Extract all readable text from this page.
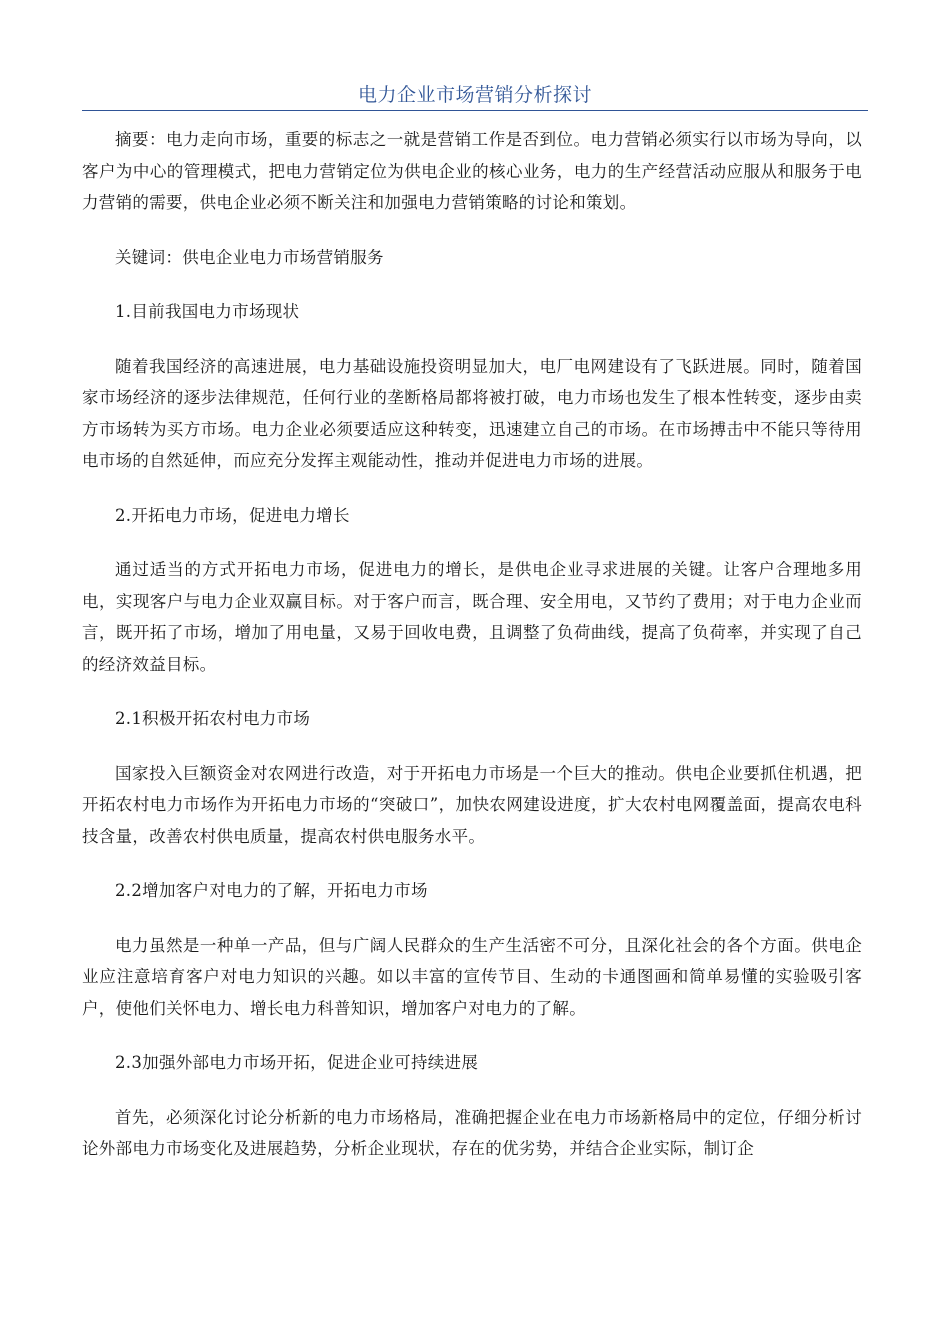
电力企业市场营销分析探讨

摘要：电力走向市场，重要的标志之一就是营销工作是否到位。电力营销必须实行以市场为导向，以客户为中心的管理模式，把电力营销定位为供电企业的核心业务，电力的生产经营活动应服从和服务于电力营销的需要，供电企业必须不断关注和加强电力营销策略的讨论和策划。

关键词：供电企业电力市场营销服务

1.目前我国电力市场现状

随着我国经济的高速进展，电力基础设施投资明显加大，电厂电网建设有了飞跃进展。同时，随着国家市场经济的逐步法律规范，任何行业的垄断格局都将被打破，电力市场也发生了根本性转变，逐步由卖方市场转为买方市场。电力企业必须要适应这种转变，迅速建立自己的市场。在市场搏击中不能只等待用电市场的自然延伸，而应充分发挥主观能动性，推动并促进电力市场的进展。

2.开拓电力市场，促进电力增长

通过适当的方式开拓电力市场，促进电力的增长，是供电企业寻求进展的关键。让客户合理地多用电，实现客户与电力企业双赢目标。对于客户而言，既合理、安全用电，又节约了费用；对于电力企业而言，既开拓了市场，增加了用电量，又易于回收电费，且调整了负荷曲线，提高了负荷率，并实现了自己的经济效益目标。

2.1积极开拓农村电力市场

国家投入巨额资金对农网进行改造，对于开拓电力市场是一个巨大的推动。供电企业要抓住机遇，把开拓农村电力市场作为开拓电力市场的“突破口”，加快农网建设进度，扩大农村电网覆盖面，提高农电科技含量，改善农村供电质量，提高农村供电服务水平。

2.2增加客户对电力的了解，开拓电力市场

电力虽然是一种单一产品，但与广阔人民群众的生产生活密不可分，且深化社会的各个方面。供电企业应注意培育客户对电力知识的兴趣。如以丰富的宣传节目、生动的卡通图画和简单易懂的实验吸引客户，使他们关怀电力、增长电力科普知识，增加客户对电力的了解。

2.3加强外部电力市场开拓，促进企业可持续进展

首先，必须深化讨论分析新的电力市场格局，准确把握企业在电力市场新格局中的定位，仔细分析讨论外部电力市场变化及进展趋势，分析企业现状，存在的优劣势，并结合企业实际，制订企
